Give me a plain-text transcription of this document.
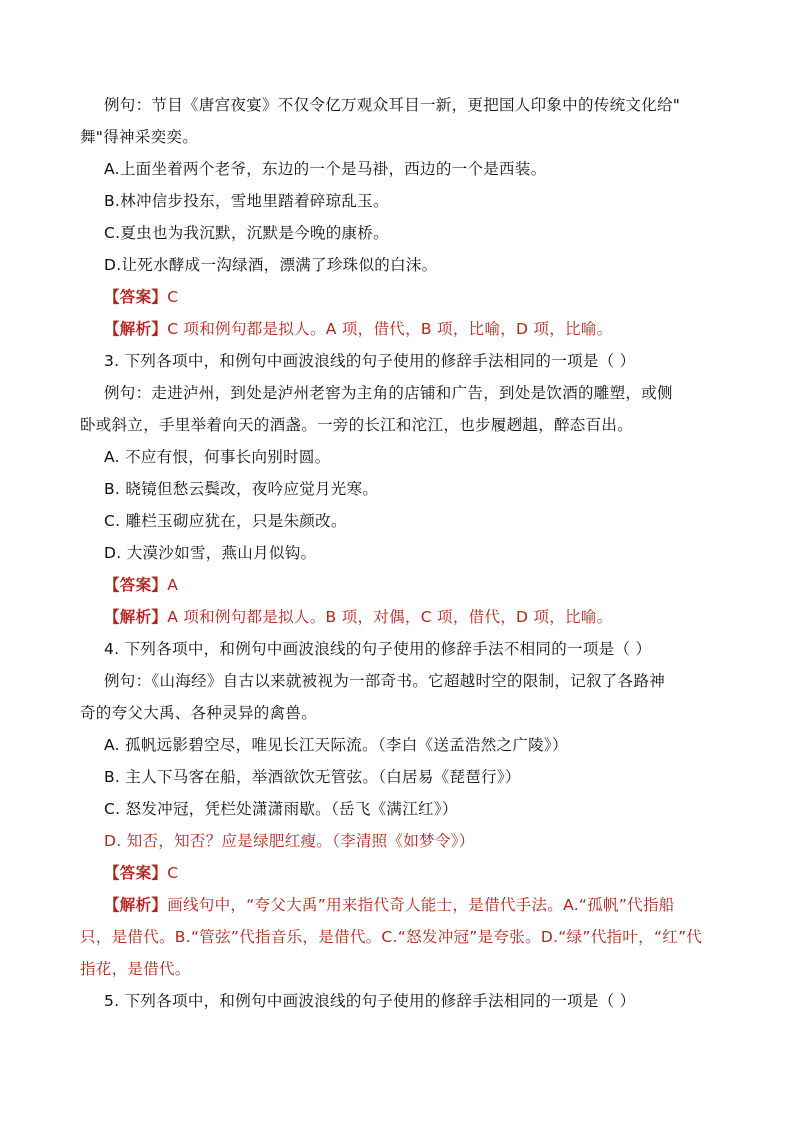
例句：节目《唐宫夜宴》不仅令亿万观众耳目一新，更把国人印象中的传统文化给"
舞"得神采奕奕。
A.上面坐着两个老爷，东边的一个是马褂，西边的一个是西装。
B.林冲信步投东，雪地里踏着碎琼乱玉。
C.夏虫也为我沉默，沉默是今晚的康桥。
D.让死水酵成一沟绿酒，漂满了珍珠似的白沫。
【答案】C
【解析】C 项和例句都是拟人。A 项，借代，B 项，比喻，D 项，比喻。
3. 下列各项中，和例句中画波浪线的句子使用的修辞手法相同的一项是（ ）
例句：走进泸州，到处是泸州老窖为主角的店铺和广告，到处是饮酒的雕塑，或侧
卧或斜立，手里举着向天的酒盏。一旁的长江和沱江，也步履趔趄，醉态百出。
A. 不应有恨，何事长向别时圆。
B. 晓镜但愁云鬓改，夜吟应觉月光寒。
C. 雕栏玉砌应犹在，只是朱颜改。
D. 大漠沙如雪，燕山月似钩。
【答案】A
【解析】A 项和例句都是拟人。B 项，对偶，C 项，借代，D 项，比喻。
4. 下列各项中，和例句中画波浪线的句子使用的修辞手法不相同的一项是（ ）
例句：《山海经》自古以来就被视为一部奇书。它超越时空的限制，记叙了各路神
奇的夸父大禹、各种灵异的禽兽。
A. 孤帆远影碧空尽，唯见长江天际流。（李白《送孟浩然之广陵》）
B. 主人下马客在船，举酒欲饮无管弦。（白居易《琵琶行》）
C. 怒发冲冠，凭栏处潇潇雨歇。（岳飞《满江红》）
D. 知否，知否？应是绿肥红瘦。（李清照《如梦令》）
【答案】C
【解析】画线句中，“夸父大禹”用来指代奇人能士，是借代手法。A.“孤帆”代指船
只，是借代。B.“管弦”代指音乐，是借代。C.“怒发冲冠”是夸张。D.“绿”代指叶，“红”代
指花，是借代。
5. 下列各项中，和例句中画波浪线的句子使用的修辞手法相同的一项是（ ）
